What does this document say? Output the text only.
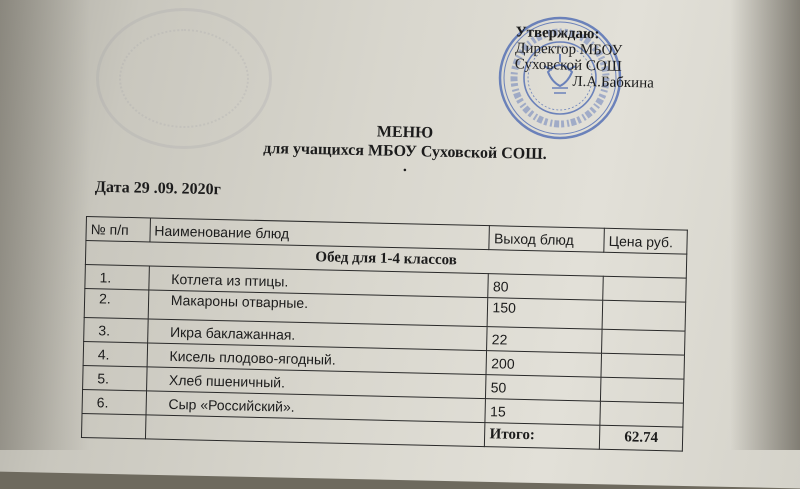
Утверждаю:
Директор МБОУ
Суховской СОШ
Л.А.Бабкина
МЕНЮ
для учащихся МБОУ Суховской СОШ.
.
Дата 29 .09. 2020г
№ п/п	Наименование блюд	Выход блюд	Цена руб.
Обед для 1-4 классов			
1.	Котлета из птицы.	80	
2.	Макароны отварные.	150	
3.	Икра баклажанная.	22	
4.	Кисель плодово-ягодный.	200	
5.	Хлеб пшеничный.	50	
6.	Сыр «Российский».	15	
		Итого:	62.74
